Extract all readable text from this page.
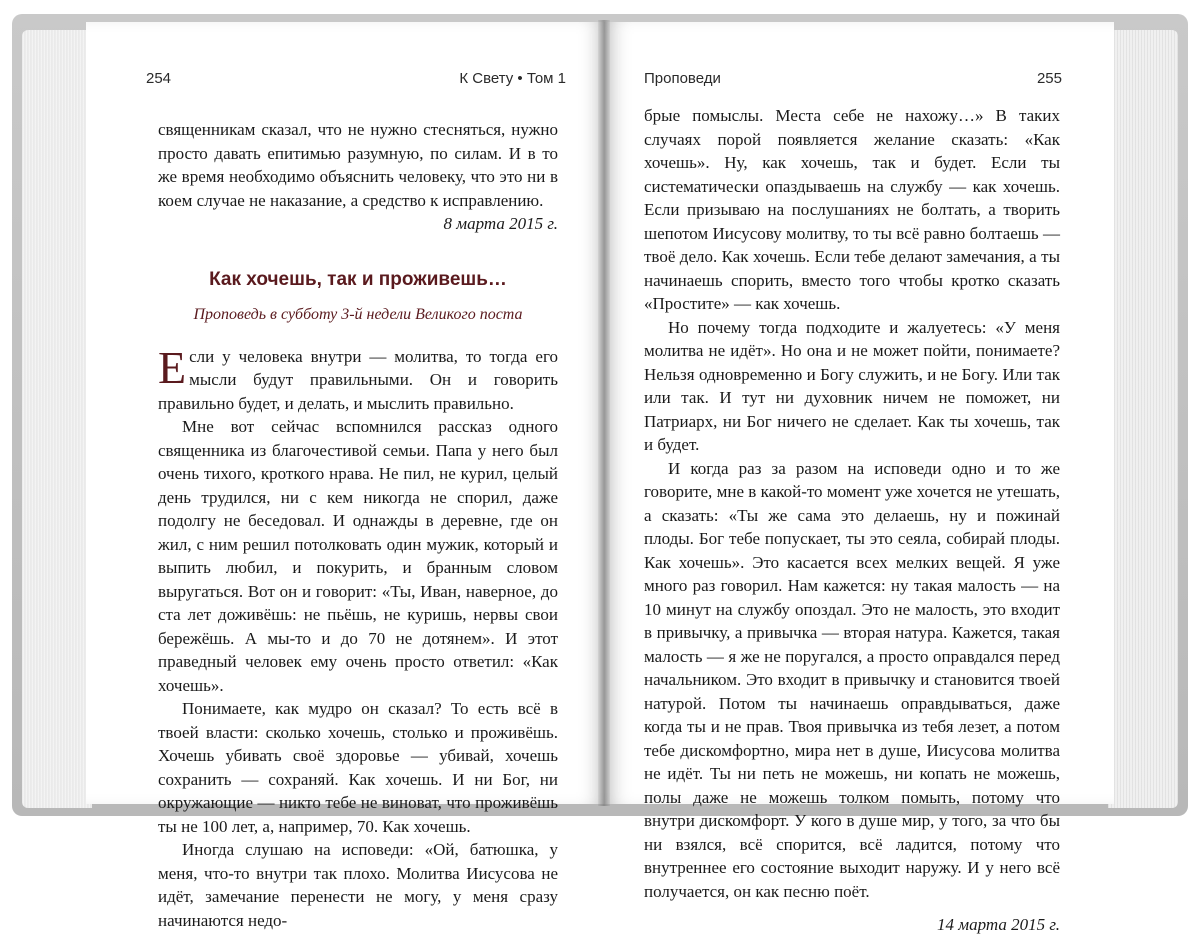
254	К Свету • Том 1

священникам сказал, что не нужно стесняться, нужно просто давать епитимью разумную, по силам. И в то же время необходимо объяснить человеку, что это ни в коем случае не наказание, а средство к исправлению.

8 марта 2015 г.

Как хочешь, так и проживешь…

Проповедь в субботу 3-й недели Великого поста

Если у человека внутри — молитва, то тогда его мысли будут правильными. Он и говорить правильно будет, и делать, и мыслить правильно.

Мне вот сейчас вспомнился рассказ одного священника из благочестивой семьи. Папа у него был очень тихого, кроткого нрава. Не пил, не курил, целый день трудился, ни с кем никогда не спорил, даже подолгу не беседовал. И однажды в деревне, где он жил, с ним решил потолковать один мужик, который и выпить любил, и покурить, и бранным словом выругаться. Вот он и говорит: «Ты, Иван, наверное, до ста лет доживёшь: не пьёшь, не куришь, нервы свои бережёшь. А мы-то и до 70 не дотянем». И этот праведный человек ему очень просто ответил: «Как хочешь».

Понимаете, как мудро он сказал? То есть всё в твоей власти: сколько хочешь, столько и проживёшь. Хочешь убивать своё здоровье — убивай, хочешь сохранить — сохраняй. Как хочешь. И ни Бог, ни окружающие — никто тебе не виноват, что проживёшь ты не 100 лет, а, например, 70. Как хочешь.

Иногда слушаю на исповеди: «Ой, батюшка, у меня, что-то внутри так плохо. Молитва Иисусова не идёт, замечание перенести не могу, у меня сразу начинаются недо-

Проповеди	255

брые помыслы. Места себе не нахожу…» В таких случаях порой появляется желание сказать: «Как хочешь». Ну, как хочешь, так и будет. Если ты систематически опаздываешь на службу — как хочешь. Если призываю на послушаниях не болтать, а творить шепотом Иисусову молитву, то ты всё равно болтаешь — твоё дело. Как хочешь. Если тебе делают замечания, а ты начинаешь спорить, вместо того чтобы кротко сказать «Простите» — как хочешь.

Но почему тогда подходите и жалуетесь: «У меня молитва не идёт». Но она и не может пойти, понимаете? Нельзя одновременно и Богу служить, и не Богу. Или так или так. И тут ни духовник ничем не поможет, ни Патриарх, ни Бог ничего не сделает. Как ты хочешь, так и будет.

И когда раз за разом на исповеди одно и то же говорите, мне в какой-то момент уже хочется не утешать, а сказать: «Ты же сама это делаешь, ну и пожинай плоды. Бог тебе попускает, ты это сеяла, собирай плоды. Как хочешь». Это касается всех мелких вещей. Я уже много раз говорил. Нам кажется: ну такая малость — на 10 минут на службу опоздал. Это не малость, это входит в привычку, а привычка — вторая натура. Кажется, такая малость — я же не поругался, а просто оправдался перед начальником. Это входит в привычку и становится твоей натурой. Потом ты начинаешь оправдываться, даже когда ты и не прав. Твоя привычка из тебя лезет, а потом тебе дискомфортно, мира нет в душе, Иисусова молитва не идёт. Ты ни петь не можешь, ни копать не можешь, полы даже не можешь толком помыть, потому что внутри дискомфорт. У кого в душе мир, у того, за что бы ни взялся, всё спорится, всё ладится, потому что внутреннее его состояние выходит наружу. И у него всё получается, он как песню поёт.

14 марта 2015 г.
